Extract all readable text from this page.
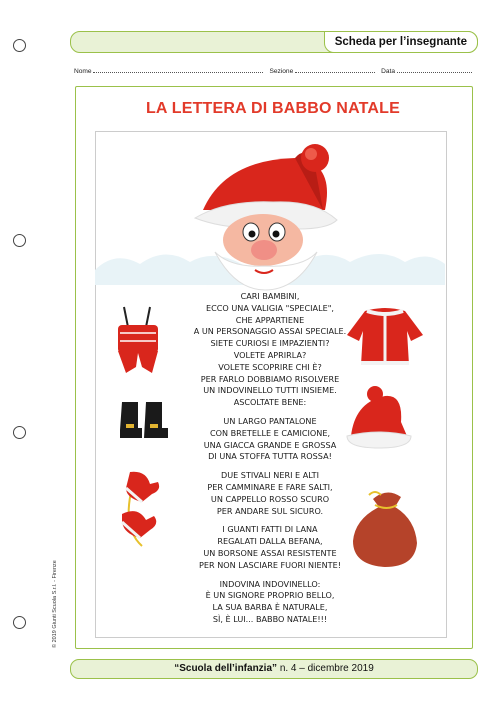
Scheda per l’insegnante
Nome	Sezione	Data
LA LETTERA DI BABBO NATALE

CARI BAMBINI,
ECCO UNA VALIGIA "SPECIALE",
CHE APPARTIENE
A UN PERSONAGGIO ASSAI SPECIALE.
SIETE CURIOSI E IMPAZIENTI?
VOLETE APRIRLA?
VOLETE SCOPRIRE CHI È?
PER FARLO DOBBIAMO RISOLVERE
UN INDOVINELLO TUTTI INSIEME.
ASCOLTATE BENE:

UN LARGO PANTALONE
CON BRETELLE E CAMICIONE,
UNA GIACCA GRANDE E GROSSA
DI UNA STOFFA TUTTA ROSSA!

DUE STIVALI NERI E ALTI
PER CAMMINARE E FARE SALTI,
UN CAPPELLO ROSSO SCURO
PER ANDARE SUL SICURO.

I GUANTI FATTI DI LANA
REGALATI DALLA BEFANA,
UN BORSONE ASSAI RESISTENTE
PER NON LASCIARE FUORI NIENTE!

INDOVINA INDOVINELLO:
È UN SIGNORE PROPRIO BELLO,
LA SUA BARBA È NATURALE,
SÌ, È LUI... BABBO NATALE!!!

© 2019 Giunti Scuola S.r.l. - Firenze
“Scuola dell’infanzia” n. 4 – dicembre 2019
